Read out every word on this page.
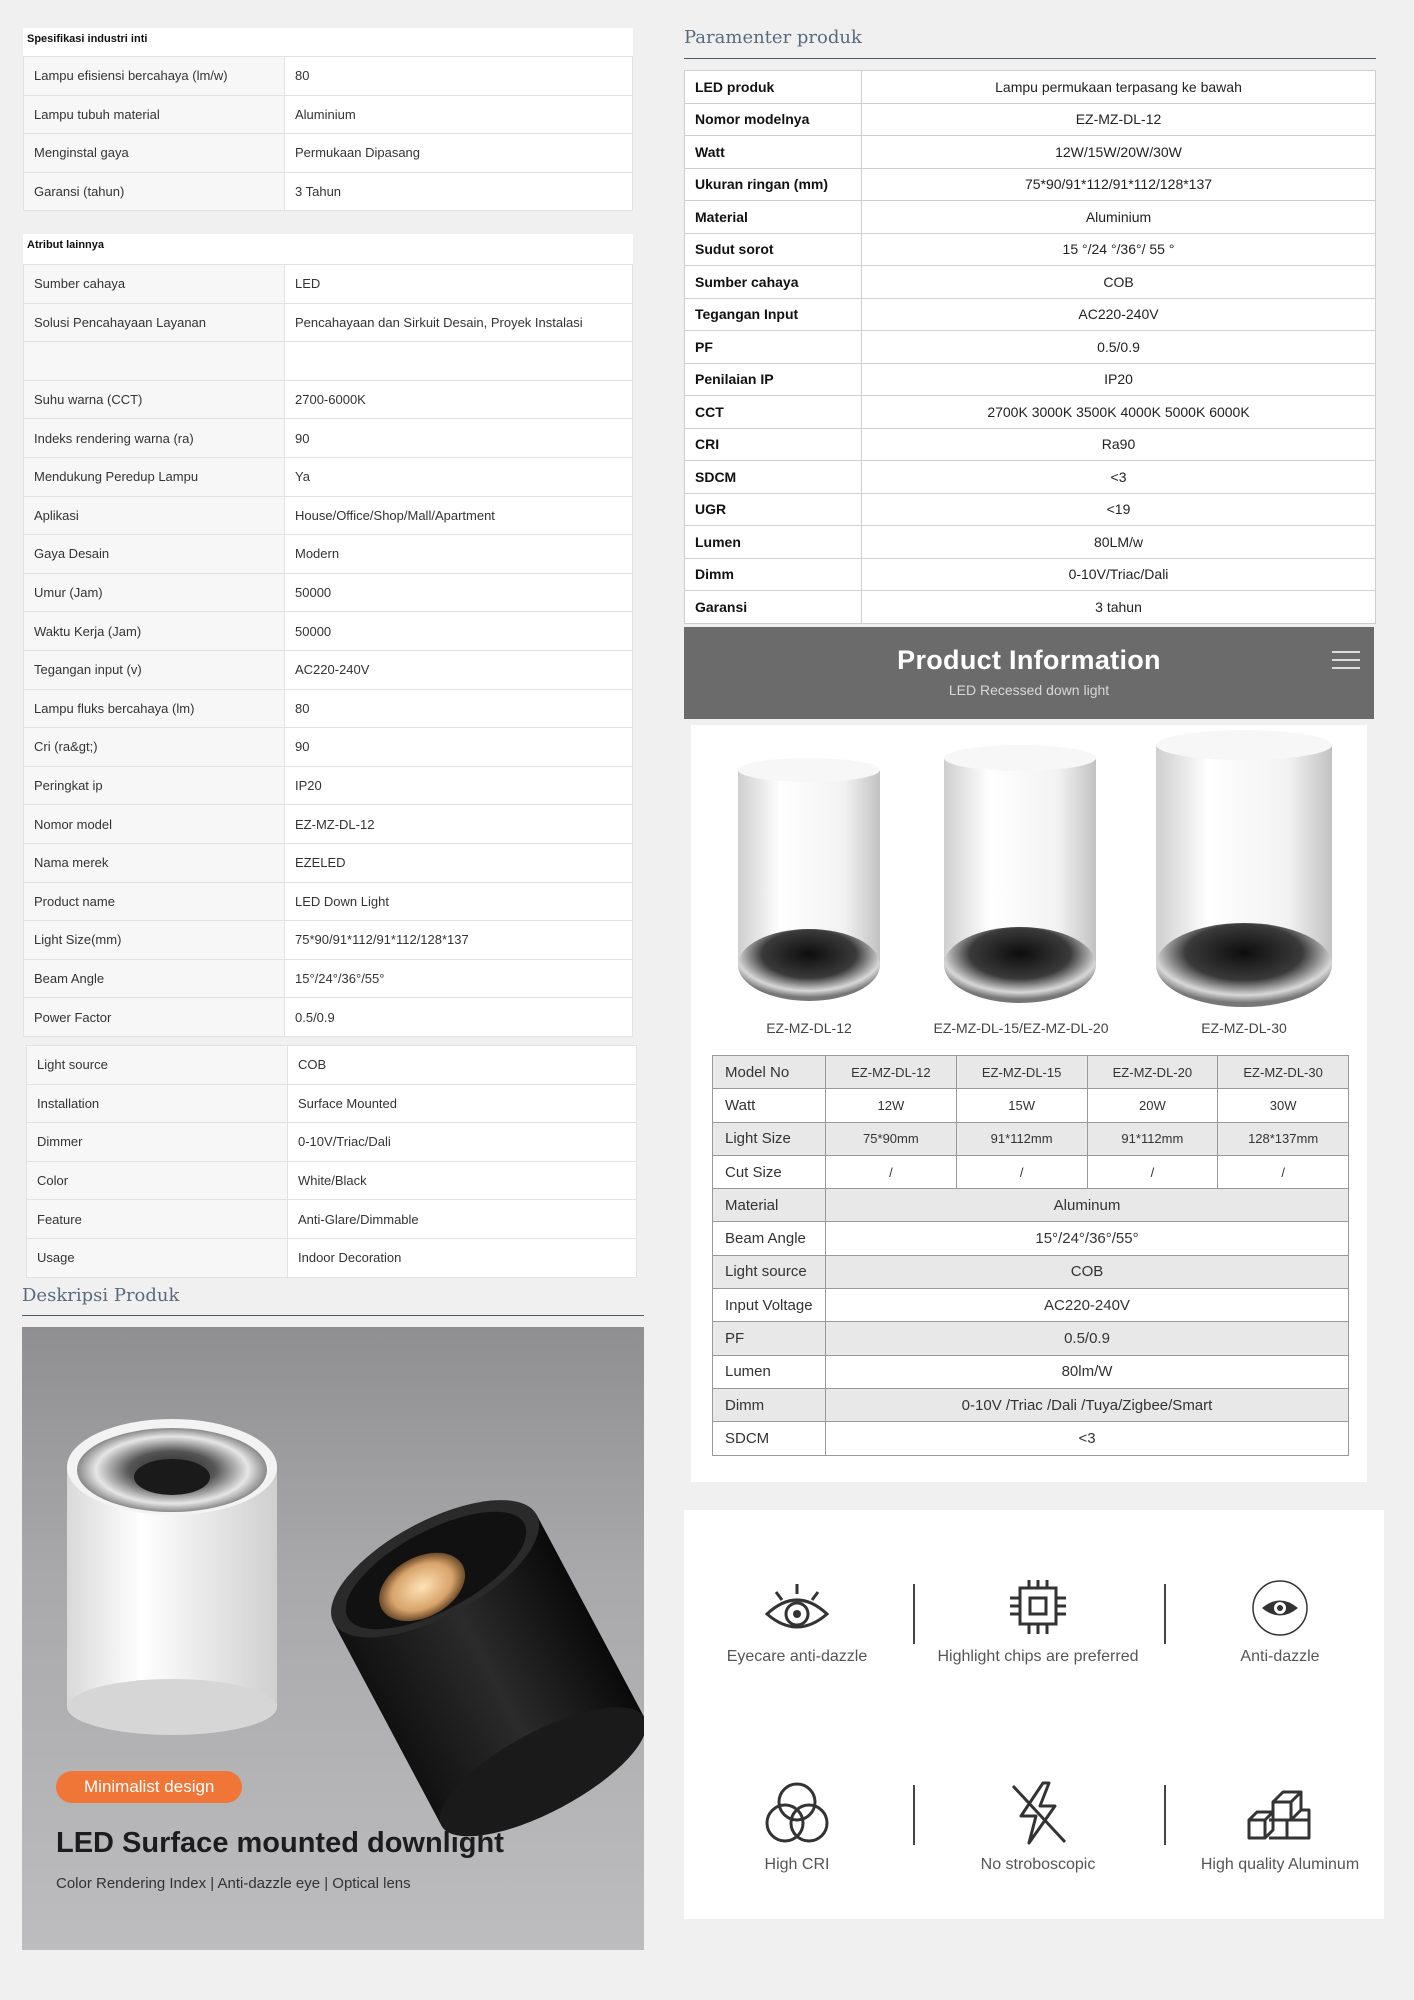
Spesifikasi industri inti
Lampu efisiensi bercahaya (lm/w)	80
Lampu tubuh material	Aluminium
Menginstal gaya	Permukaan Dipasang
Garansi (tahun)	3 Tahun
Atribut lainnya
Sumber cahaya	LED
Solusi Pencahayaan Layanan	Pencahayaan dan Sirkuit Desain, Proyek Instalasi

Suhu warna (CCT)	2700-6000K
Indeks rendering warna (ra)	90
Mendukung Peredup Lampu	Ya
Aplikasi	House/Office/Shop/Mall/Apartment
Gaya Desain	Modern
Umur (Jam)	50000
Waktu Kerja (Jam)	50000
Tegangan input (v)	AC220-240V
Lampu fluks bercahaya (lm)	80
Cri (ra&gt;)	90
Peringkat ip	IP20
Nomor model	EZ-MZ-DL-12
Nama merek	EZELED
Product name	LED Down Light
Light Size(mm)	75*90/91*112/91*112/128*137
Beam Angle	15°/24°/36°/55°
Power Factor	0.5/0.9
Light source	COB
Installation	Surface Mounted
Dimmer	0-10V/Triac/Dali
Color	White/Black
Feature	Anti-Glare/Dimmable
Usage	Indoor Decoration
Deskripsi Produk
Minimalist design
LED Surface mounted downlight
Color Rendering Index | Anti-dazzle eye | Optical lens
Paramenter produk
LED produk	Lampu permukaan terpasang ke bawah
Nomor modelnya	EZ-MZ-DL-12
Watt	12W/15W/20W/30W
Ukuran ringan (mm)	75*90/91*112/91*112/128*137
Material	Aluminium
Sudut sorot	15 °/24 °/36°/ 55 °
Sumber cahaya	COB
Tegangan Input	AC220-240V
PF	0.5/0.9
Penilaian IP	IP20
CCT	2700K 3000K 3500K 4000K 5000K 6000K
CRI	Ra90
SDCM	<3
UGR	<19
Lumen	80LM/w
Dimm	0-10V/Triac/Dali
Garansi	3 tahun
Product Information
LED Recessed down light
EZ-MZ-DL-12	EZ-MZ-DL-15/EZ-MZ-DL-20	EZ-MZ-DL-30
Model No	EZ-MZ-DL-12	EZ-MZ-DL-15	EZ-MZ-DL-20	EZ-MZ-DL-30
Watt	12W	15W	20W	30W
Light Size	75*90mm	91*112mm	91*112mm	128*137mm
Cut Size	/	/	/	/
Material	Aluminum			
Beam Angle	15°/24°/36°/55°			
Light source	COB			
Input Voltage	AC220-240V			
PF	0.5/0.9			
Lumen	80lm/W			
Dimm	0-10V /Triac /Dali /Tuya/Zigbee/Smart			
SDCM	<3			
Eyecare anti-dazzle	Highlight chips are preferred	Anti-dazzle
High CRI	No stroboscopic	High quality Aluminum
